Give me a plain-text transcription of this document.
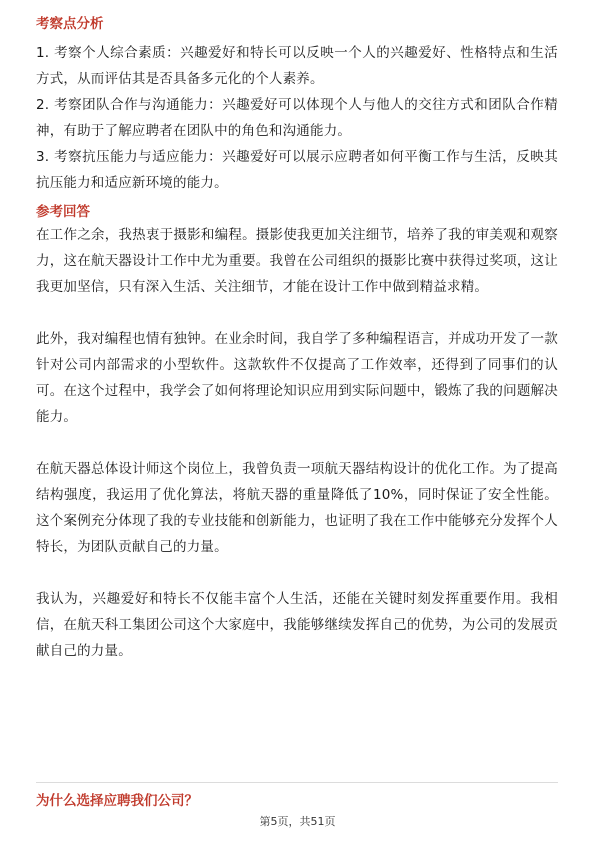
考察点分析

1. 考察个人综合素质：兴趣爱好和特长可以反映一个人的兴趣爱好、性格特点和生活方式，从而评估其是否具备多元化的个人素养。

2. 考察团队合作与沟通能力：兴趣爱好可以体现个人与他人的交往方式和团队合作精神，有助于了解应聘者在团队中的角色和沟通能力。

3. 考察抗压能力与适应能力：兴趣爱好可以展示应聘者如何平衡工作与生活，反映其抗压能力和适应新环境的能力。

参考回答

在工作之余，我热衷于摄影和编程。摄影使我更加关注细节，培养了我的审美观和观察力，这在航天器设计工作中尤为重要。我曾在公司组织的摄影比赛中获得过奖项，这让我更加坚信，只有深入生活、关注细节，才能在设计工作中做到精益求精。

此外，我对编程也情有独钟。在业余时间，我自学了多种编程语言，并成功开发了一款针对公司内部需求的小型软件。这款软件不仅提高了工作效率，还得到了同事们的认可。在这个过程中，我学会了如何将理论知识应用到实际问题中，锻炼了我的问题解决能力。

在航天器总体设计师这个岗位上，我曾负责一项航天器结构设计的优化工作。为了提高结构强度，我运用了优化算法，将航天器的重量降低了10%，同时保证了安全性能。这个案例充分体现了我的专业技能和创新能力，也证明了我在工作中能够充分发挥个人特长，为团队贡献自己的力量。

我认为，兴趣爱好和特长不仅能丰富个人生活，还能在关键时刻发挥重要作用。我相信，在航天科工集团公司这个大家庭中，我能够继续发挥自己的优势，为公司的发展贡献自己的力量。

为什么选择应聘我们公司？
第5页，共51页
